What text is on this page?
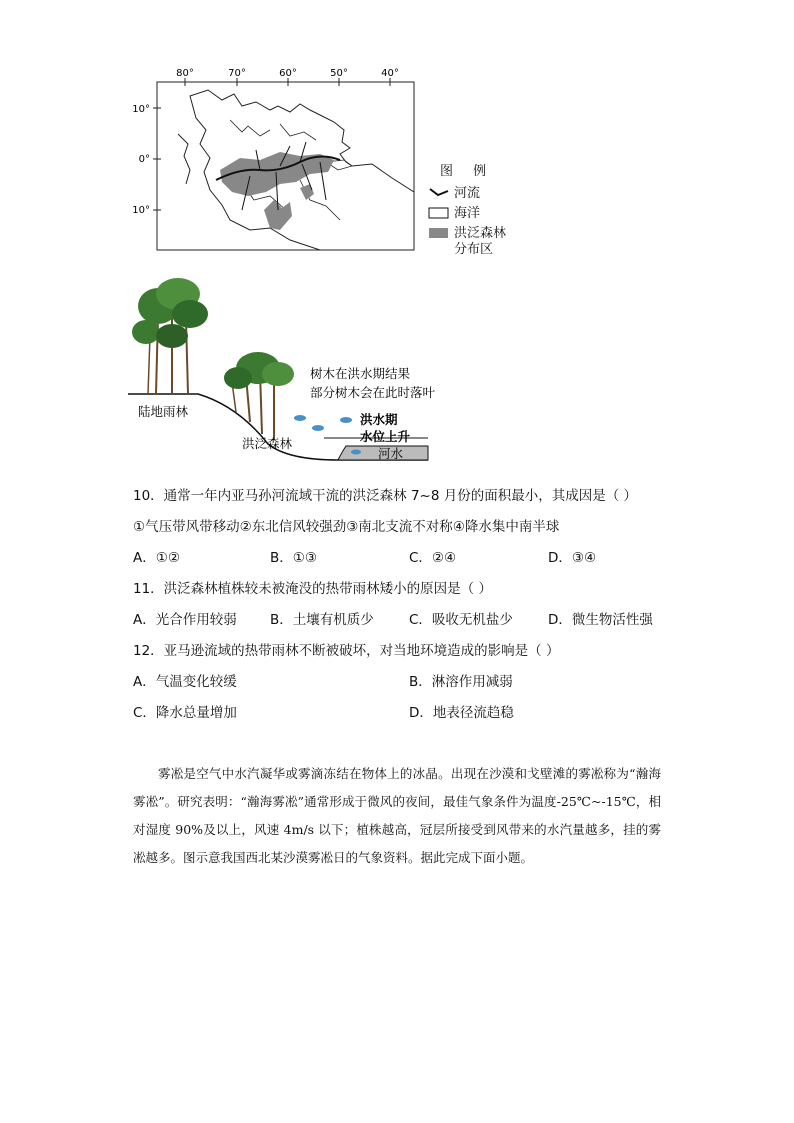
80°	70°	60°	50°	40°
10°
0°
10°
图 例
河流
海洋
洪泛森林
分布区
陆地雨林
洪泛森林
树木在洪水期结果
部分树木会在此时落叶
洪水期
水位上升
河水
10．通常一年内亚马孙河流域干流的洪泛森林 7~8 月份的面积最小，其成因是（ ）
①气压带风带移动②东北信风较强劲③南北支流不对称④降水集中南半球
A．①②	B．①③	C．②④	D．③④
11．洪泛森林植株较未被淹没的热带雨林矮小的原因是（ ）
A．光合作用较弱 B．土壤有机质少	C．吸收无机盐少	D．微生物活性强
12．亚马逊流域的热带雨林不断被破坏，对当地环境造成的影响是（ ）
A．气温变化较缓	B．淋溶作用减弱
C．降水总量增加	D．地表径流趋稳
雾凇是空气中水汽凝华或雾滴冻结在物体上的冰晶。出现在沙漠和戈壁滩的雾凇称为“瀚海雾凇”。研究表明：“瀚海雾凇”通常形成于微风的夜间，最佳气象条件为温度-25℃~-15℃，相对湿度 90%及以上，风速 4m/s 以下；植株越高，冠层所接受到风带来的水汽量越多，挂的雾凇越多。图示意我国西北某沙漠雾凇日的气象资料。据此完成下面小题。
